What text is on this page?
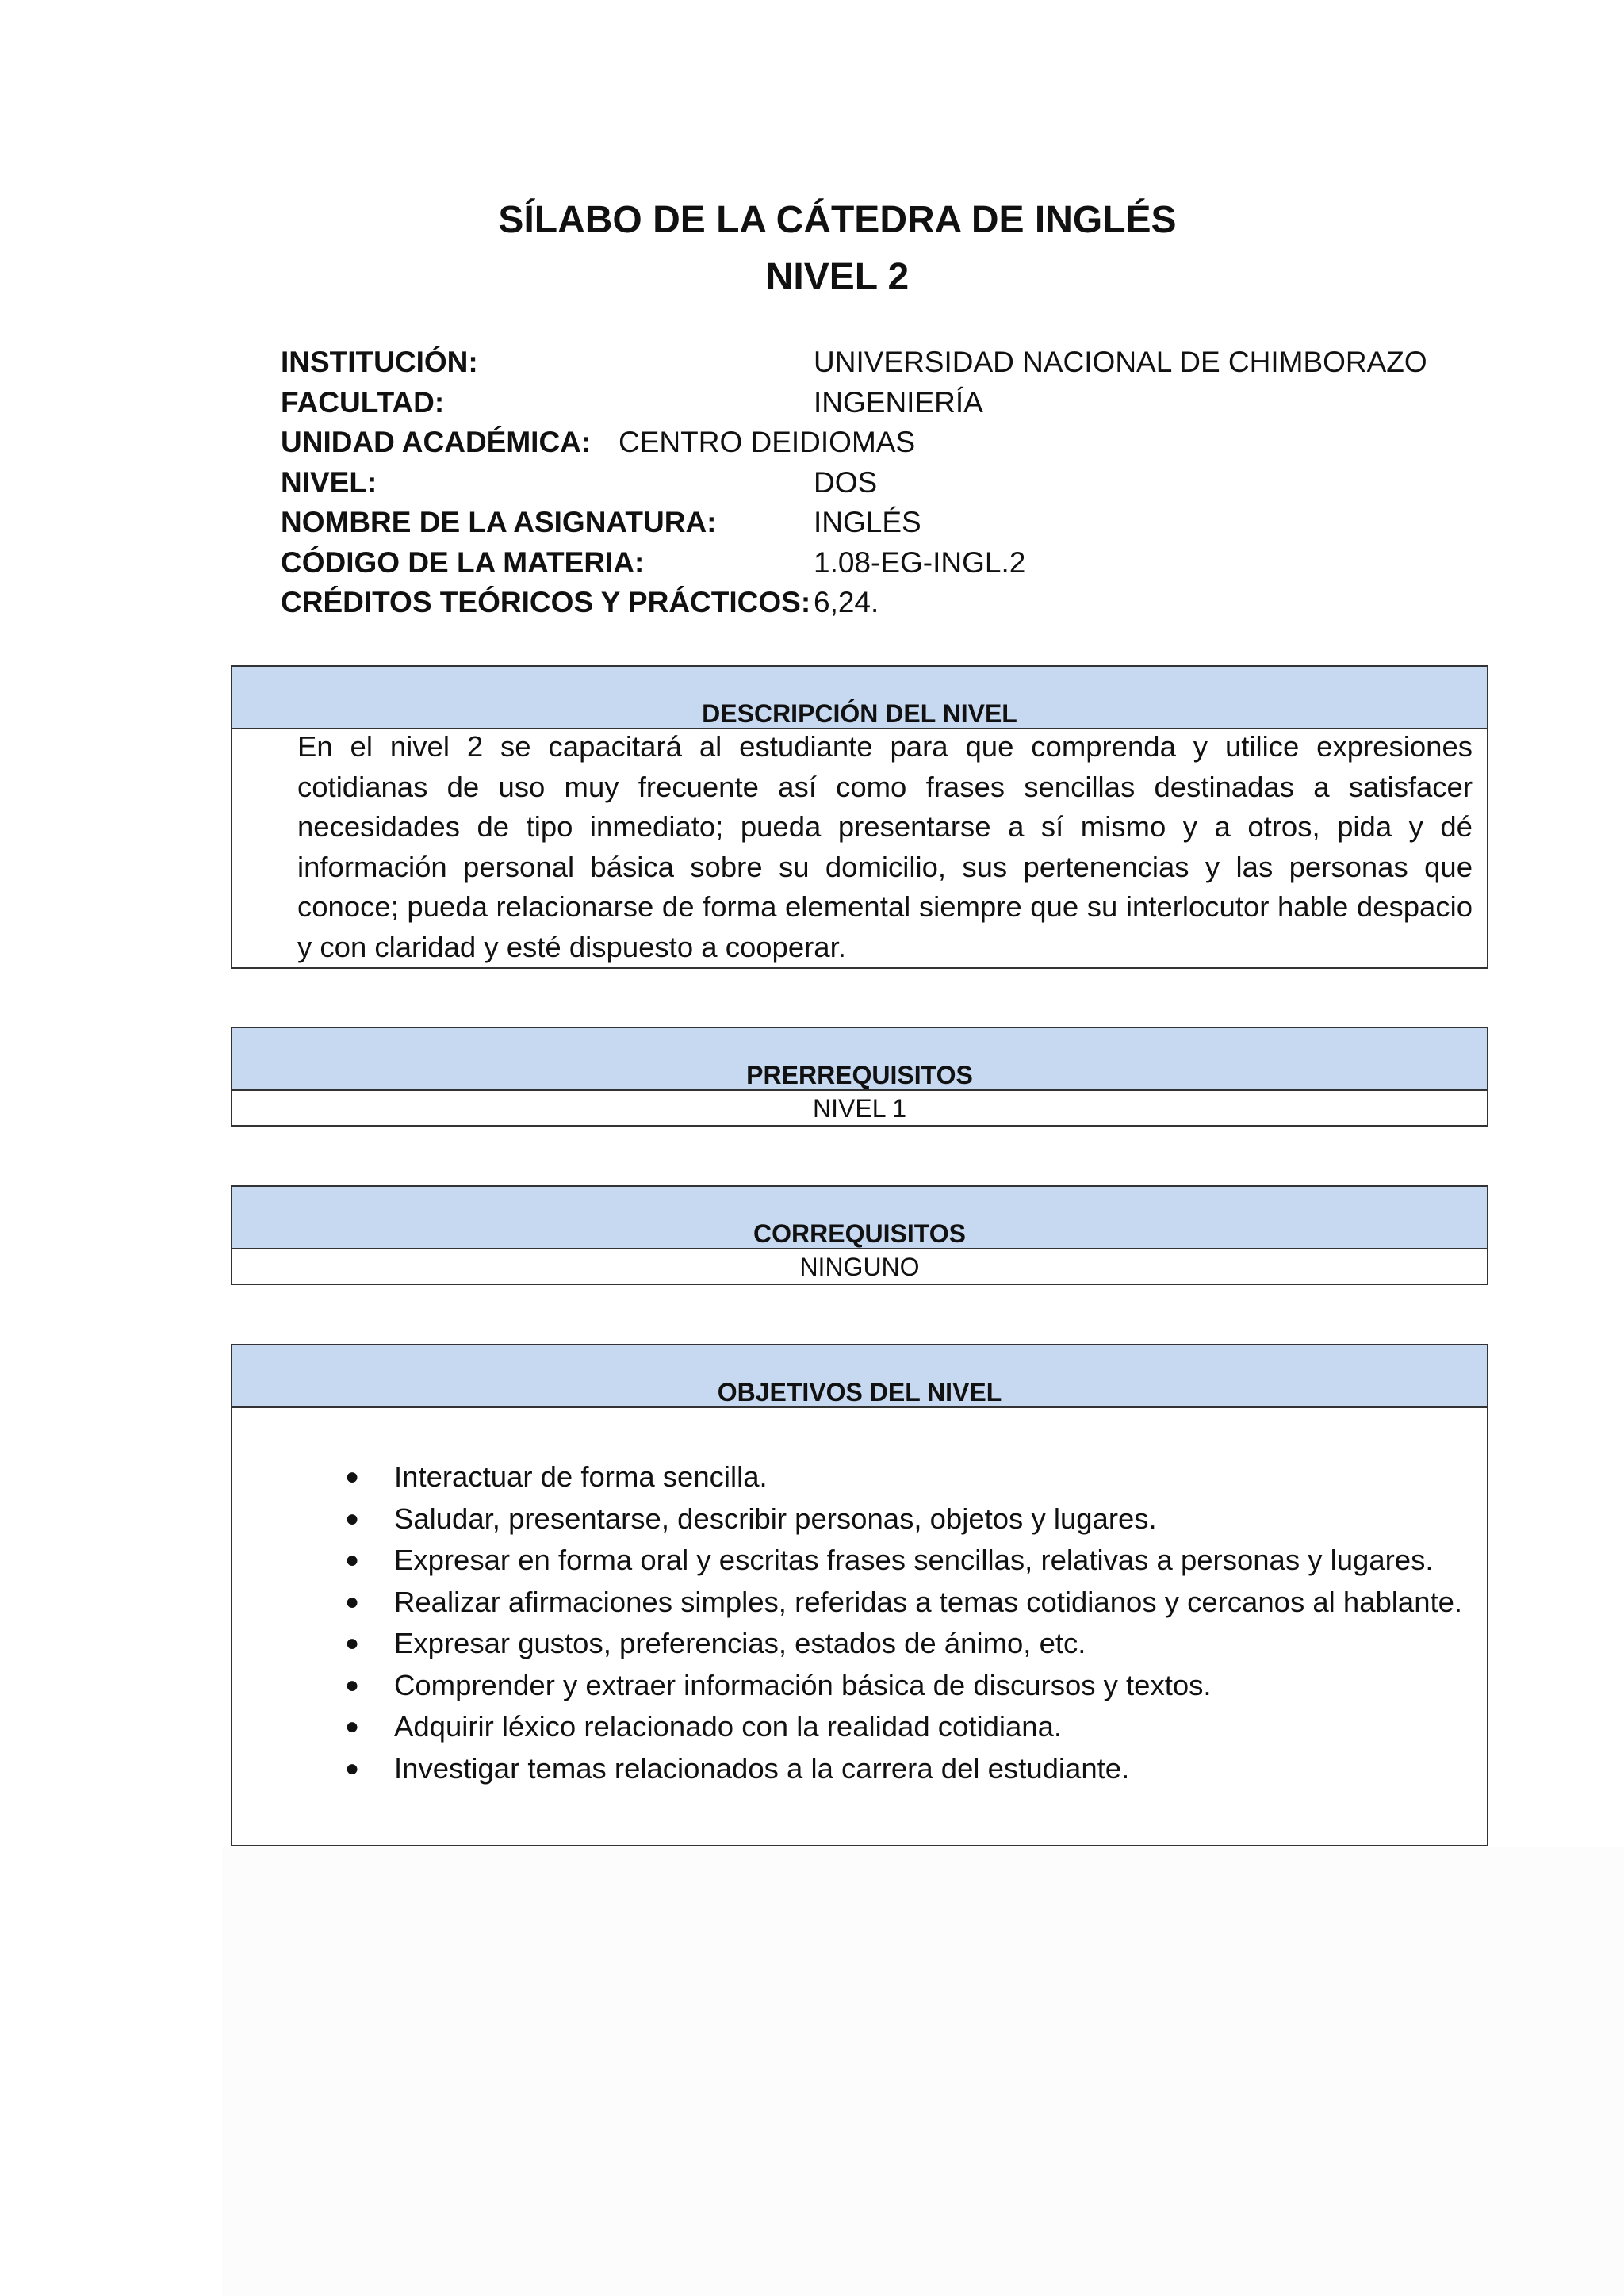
SÍLABO DE LA CÁTEDRA DE INGLÉS
NIVEL 2
INSTITUCIÓN:	UNIVERSIDAD NACIONAL DE CHIMBORAZO
FACULTAD:	INGENIERÍA
UNIDAD ACADÉMICA: CENTRO DEIDIOMAS
NIVEL:	DOS
NOMBRE DE LA ASIGNATURA:	INGLÉS
CÓDIGO DE LA MATERIA:	1.08-EG-INGL.2
CRÉDITOS TEÓRICOS Y PRÁCTICOS: 6,24.
DESCRIPCIÓN DEL NIVEL
En el nivel 2 se capacitará al estudiante para que comprenda y utilice expresiones cotidianas de uso muy frecuente así como frases sencillas destinadas a satisfacer necesidades de tipo inmediato; pueda presentarse a sí mismo y a otros, pida y dé información personal básica sobre su domicilio, sus pertenencias y las personas que conoce; pueda relacionarse de forma elemental siempre que su interlocutor hable despacio y con claridad y esté dispuesto a cooperar.
PRERREQUISITOS
NIVEL 1
CORREQUISITOS
NINGUNO
OBJETIVOS DEL NIVEL
● Interactuar de forma sencilla.
● Saludar, presentarse, describir personas, objetos y lugares.
● Expresar en forma oral y escritas frases sencillas, relativas a personas y lugares.
● Realizar afirmaciones simples, referidas a temas cotidianos y cercanos al hablante.
● Expresar gustos, preferencias, estados de ánimo, etc.
● Comprender y extraer información básica de discursos y textos.
● Adquirir léxico relacionado con la realidad cotidiana.
● Investigar temas relacionados a la carrera del estudiante.
